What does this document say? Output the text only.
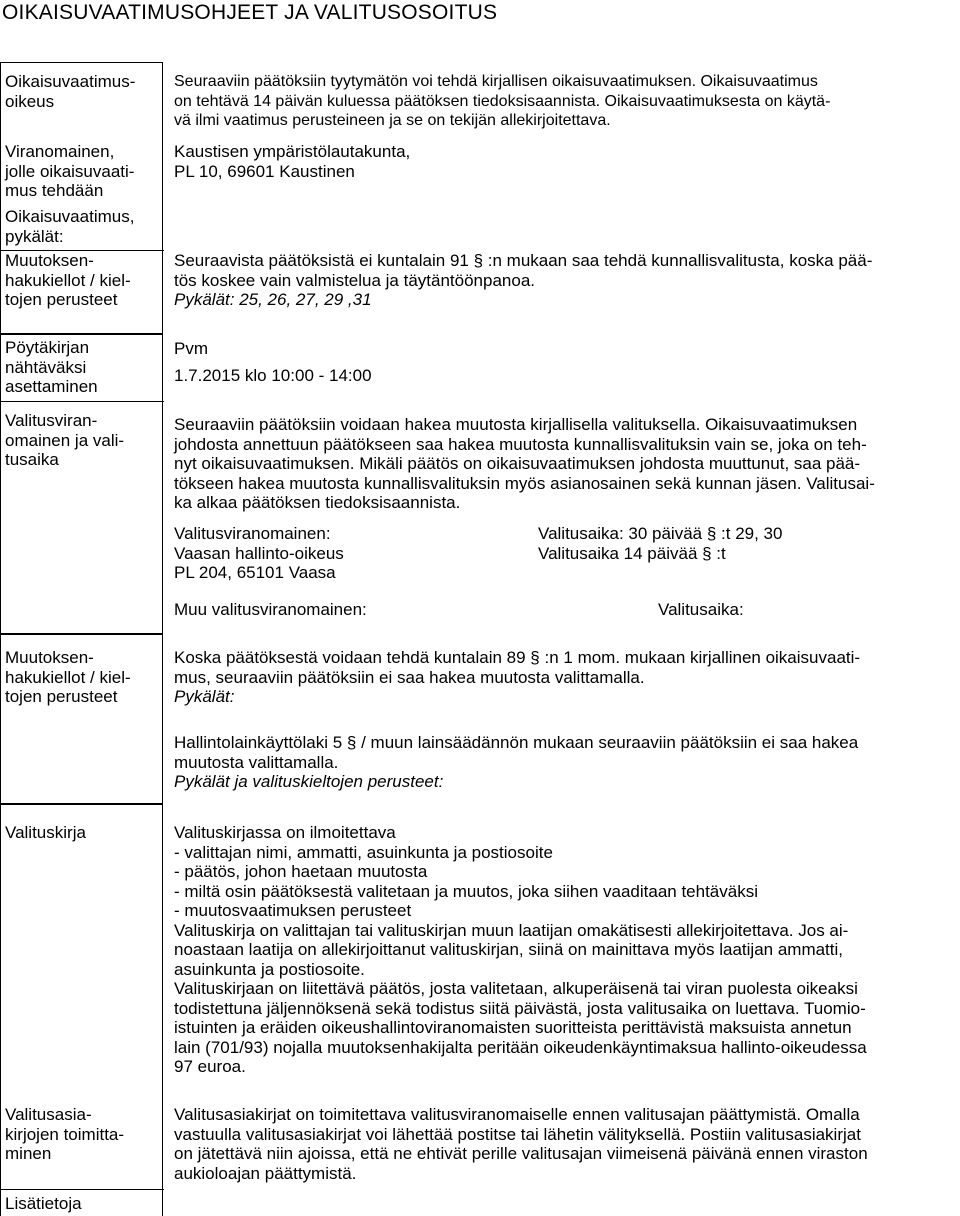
OIKAISUVAATIMUSOHJEET JA VALITUSOSOITUS
Oikaisuvaatimus-
oikeus
Viranomainen,
jolle oikaisuvaati-
mus tehdään
Oikaisuvaatimus,
pykälät:
Muutoksen-
hakukiellot / kiel-
tojen perusteet
Pöytäkirjan
nähtäväksi
asettaminen
Valitusviran-
omainen ja vali-
tusaika
Muutoksen-
hakukiellot / kiel-
tojen perusteet
Valituskirja
Valitusasia-
kirjojen toimitta-
minen
Lisätietoja
Seuraaviin päätöksiin tyytymätön voi tehdä kirjallisen oikaisuvaatimuksen. Oikaisuvaatimus
on tehtävä 14 päivän kuluessa päätöksen tiedoksisaannista. Oikaisuvaatimuksesta on käytä-
vä ilmi vaatimus perusteineen ja se on tekijän allekirjoitettava.
Kaustisen ympäristölautakunta,
PL 10, 69601 Kaustinen
Seuraavista päätöksistä ei kuntalain 91 § :n mukaan saa tehdä kunnallisvalitusta, koska pää-
tös koskee vain valmistelua ja täytäntöönpanoa.
Pykälät: 25, 26, 27, 29 ,31
Pvm
1.7.2015 klo 10:00 - 14:00
Seuraaviin päätöksiin voidaan hakea muutosta kirjallisella valituksella. Oikaisuvaatimuksen
johdosta annettuun päätökseen saa hakea muutosta kunnallisvalituksin vain se, joka on teh-
nyt oikaisuvaatimuksen. Mikäli päätös on oikaisuvaatimuksen johdosta muuttunut, saa pää-
tökseen hakea muutosta kunnallisvalituksin myös asianosainen sekä kunnan jäsen. Valitusai-
ka alkaa päätöksen tiedoksisaannista.
Valitusviranomainen:
Vaasan hallinto-oikeus
PL 204, 65101 Vaasa
Valitusaika: 30 päivää § :t 29, 30
Valitusaika 14 päivää § :t
Muu valitusviranomainen:	Valitusaika:
Koska päätöksestä voidaan tehdä kuntalain 89 § :n 1 mom. mukaan kirjallinen oikaisuvaati-
mus, seuraaviin päätöksiin ei saa hakea muutosta valittamalla.
Pykälät:
Hallintolainkäyttölaki 5 § / muun lainsäädännön mukaan seuraaviin päätöksiin ei saa hakea
muutosta valittamalla.
Pykälät ja valituskieltojen perusteet:
Valituskirjassa on ilmoitettava
- valittajan nimi, ammatti, asuinkunta ja postiosoite
- päätös, johon haetaan muutosta
- miltä osin päätöksestä valitetaan ja muutos, joka siihen vaaditaan tehtäväksi
- muutosvaatimuksen perusteet
Valituskirja on valittajan tai valituskirjan muun laatijan omakätisesti allekirjoitettava. Jos ai-
noastaan laatija on allekirjoittanut valituskirjan, siinä on mainittava myös laatijan ammatti,
asuinkunta ja postiosoite.
Valituskirjaan on liitettävä päätös, josta valitetaan, alkuperäisenä tai viran puolesta oikeaksi
todistettuna jäljennöksenä sekä todistus siitä päivästä, josta valitusaika on luettava. Tuomio-
istuinten ja eräiden oikeushallintoviranomaisten suoritteista perittävistä maksuista annetun
lain (701/93) nojalla muutoksenhakijalta peritään oikeudenkäyntimaksua hallinto-oikeudessa
97 euroa.
Valitusasiakirjat on toimitettava valitusviranomaiselle ennen valitusajan päättymistä. Omalla
vastuulla valitusasiakirjat voi lähettää postitse tai lähetin välityksellä. Postiin valitusasiakirjat
on jätettävä niin ajoissa, että ne ehtivät perille valitusajan viimeisenä päivänä ennen viraston
aukioloajan päättymistä.
